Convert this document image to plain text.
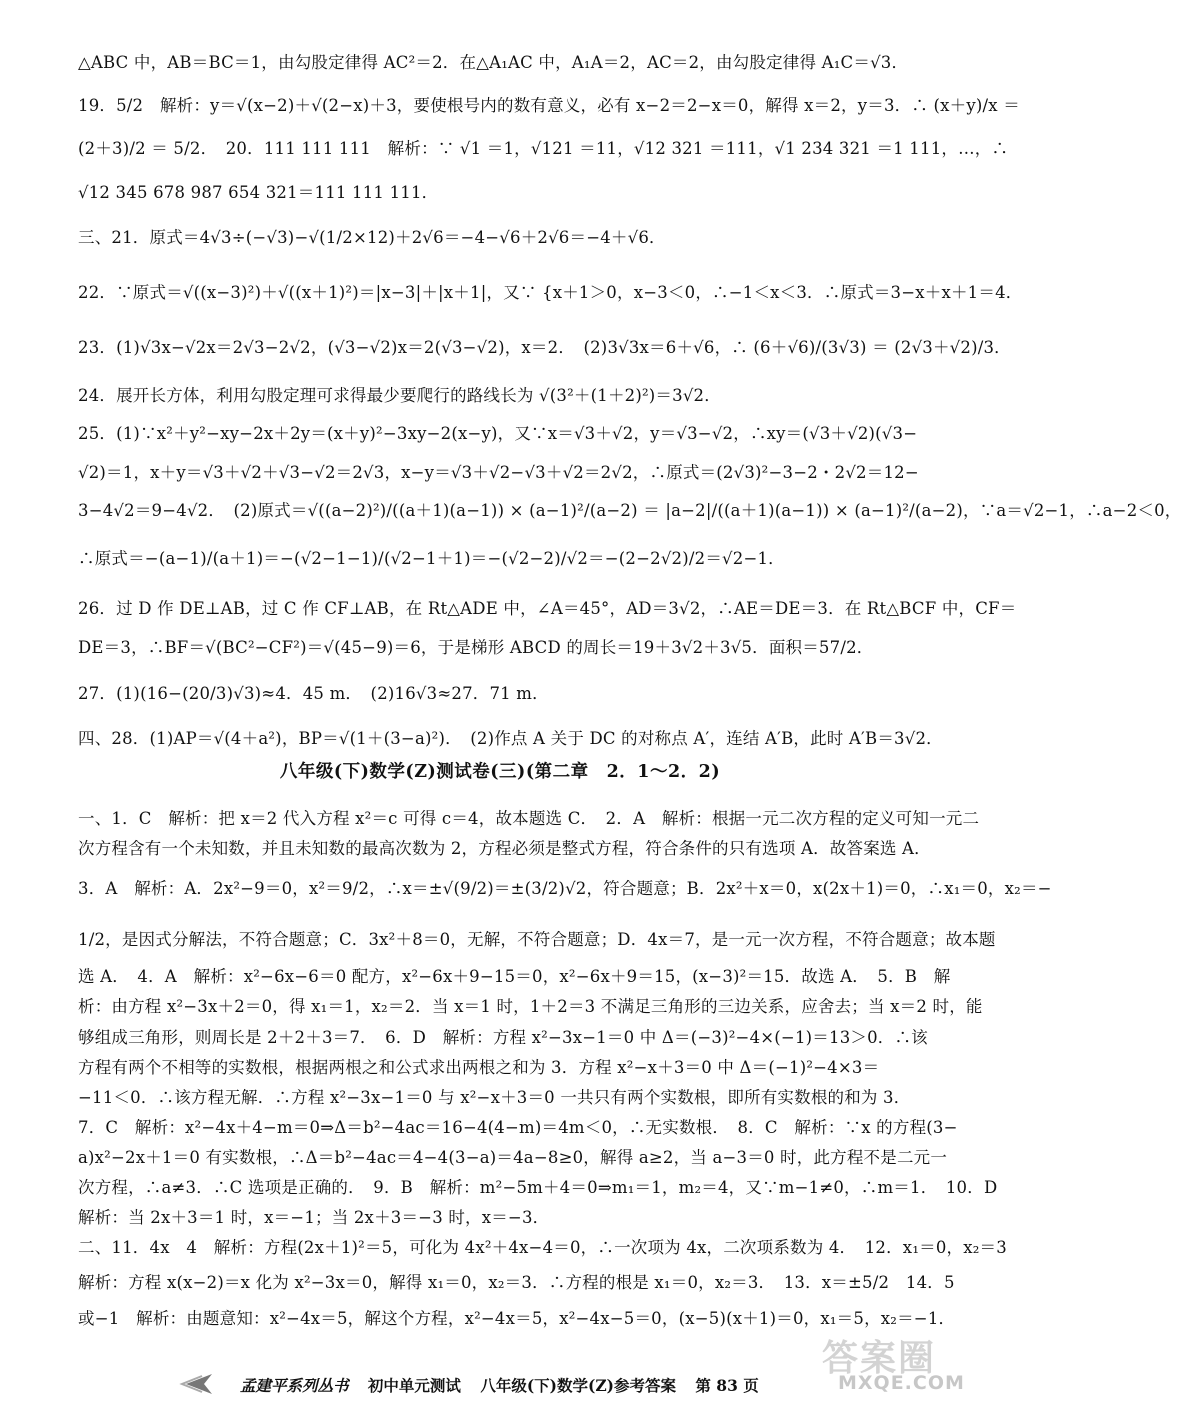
△ABC 中，AB＝BC＝1，由勾股定律得 AC²＝2．在△A₁AC 中，A₁A＝2，AC＝2，由勾股定律得 A₁C＝√3．
19．5/2　解析：y＝√(x−2)＋√(2−x)＋3，要使根号内的数有意义，必有 x−2＝2−x＝0，解得 x＝2，y＝3．∴ (x＋y)/x ＝
(2＋3)/2 ＝ 5/2．　20．111 111 111　解析：∵ √1 ＝1，√121 ＝11，√12 321 ＝111，√1 234 321 ＝1 111，…，∴
√12 345 678 987 654 321＝111 111 111．
三、21．原式＝4√3÷(−√3)−√(1/2×12)＋2√6＝−4−√6＋2√6＝−4＋√6．
22．∵原式＝√((x−3)²)＋√((x＋1)²)＝|x−3|＋|x＋1|，又∵ {x＋1＞0，x−3＜0，∴−1＜x＜3．∴原式＝3−x＋x＋1＝4．
23．(1)√3x−√2x＝2√3−2√2，(√3−√2)x＝2(√3−√2)，x＝2．　(2)3√3x＝6＋√6，∴ (6＋√6)/(3√3) ＝ (2√3＋√2)/3．
24．展开长方体，利用勾股定理可求得最少要爬行的路线长为 √(3²＋(1＋2)²)＝3√2．
25．(1)∵x²＋y²−xy−2x＋2y＝(x＋y)²−3xy−2(x−y)，又∵x＝√3＋√2，y＝√3−√2，∴xy＝(√3＋√2)(√3−
√2)＝1，x＋y＝√3＋√2＋√3−√2＝2√3，x−y＝√3＋√2−√3＋√2＝2√2，∴原式＝(2√3)²−3−2・2√2＝12−
3−4√2＝9−4√2．　(2)原式＝√((a−2)²)/((a＋1)(a−1)) × (a−1)²/(a−2) ＝ |a−2|/((a＋1)(a−1)) × (a−1)²/(a−2)，∵a＝√2−1，∴a−2＜0，
∴原式＝−(a−1)/(a＋1)＝−(√2−1−1)/(√2−1＋1)＝−(√2−2)/√2＝−(2−2√2)/2＝√2−1．
26．过 D 作 DE⊥AB，过 C 作 CF⊥AB，在 Rt△ADE 中，∠A＝45°，AD＝3√2，∴AE＝DE＝3．在 Rt△BCF 中，CF＝
DE＝3，∴BF＝√(BC²−CF²)＝√(45−9)＝6，于是梯形 ABCD 的周长＝19＋3√2＋3√5．面积＝57/2．
27．(1)(16−(20/3)√3)≈4．45 m．　(2)16√3≈27．71 m．
四、28．(1)AP＝√(4＋a²)，BP＝√(1＋(3−a)²)．　(2)作点 A 关于 DC 的对称点 A′，连结 A′B，此时 A′B＝3√2．
八年级(下)数学(Z)测试卷(三)(第二章　2．1～2．2)
一、1．C　解析：把 x＝2 代入方程 x²＝c 可得 c＝4，故本题选 C．　2．A　解析：根据一元二次方程的定义可知一元二
次方程含有一个未知数，并且未知数的最高次数为 2，方程必须是整式方程，符合条件的只有选项 A．故答案选 A．
3．A　解析：A．2x²−9＝0，x²＝9/2，∴x＝±√(9/2)＝±(3/2)√2，符合题意；B．2x²＋x＝0，x(2x＋1)＝0，∴x₁＝0，x₂＝−
1/2，是因式分解法，不符合题意；C．3x²＋8＝0，无解，不符合题意；D．4x＝7，是一元一次方程，不符合题意；故本题
选 A．　4．A　解析：x²−6x−6＝0 配方，x²−6x＋9−15＝0，x²−6x＋9＝15，(x−3)²＝15．故选 A．　5．B　解
析：由方程 x²−3x＋2＝0，得 x₁＝1，x₂＝2．当 x＝1 时，1＋2＝3 不满足三角形的三边关系，应舍去；当 x＝2 时，能
够组成三角形，则周长是 2＋2＋3＝7．　6．D　解析：方程 x²−3x−1＝0 中 Δ＝(−3)²−4×(−1)＝13＞0．∴该
方程有两个不相等的实数根，根据两根之和公式求出两根之和为 3．方程 x²−x＋3＝0 中 Δ＝(−1)²−4×3＝
−11＜0．∴该方程无解．∴方程 x²−3x−1＝0 与 x²−x＋3＝0 一共只有两个实数根，即所有实数根的和为 3．
7．C　解析：x²−4x＋4−m＝0⇒Δ＝b²−4ac＝16−4(4−m)＝4m＜0，∴无实数根．　8．C　解析：∵x 的方程(3−
a)x²−2x＋1＝0 有实数根，∴Δ＝b²−4ac＝4−4(3−a)＝4a−8≥0，解得 a≥2，当 a−3＝0 时，此方程不是二元一
次方程，∴a≠3．∴C 选项是正确的．　9．B　解析：m²−5m＋4＝0⇒m₁＝1，m₂＝4，又∵m−1≠0，∴m＝1．　10．D
解析：当 2x＋3＝1 时，x＝−1；当 2x＋3＝−3 时，x＝−3．
二、11．4x　4　解析：方程(2x＋1)²＝5，可化为 4x²＋4x−4＝0，∴一次项为 4x，二次项系数为 4．　12．x₁＝0，x₂＝3
解析：方程 x(x−2)＝x 化为 x²−3x＝0，解得 x₁＝0，x₂＝3．∴方程的根是 x₁＝0，x₂＝3．　13．x＝±5/2　14．5
或−1　解析：由题意知：x²−4x＝5，解这个方程，x²−4x＝5，x²−4x−5＝0，(x−5)(x＋1)＝0，x₁＝5，x₂＝−1．
孟建平系列丛书 初中单元测试 八年级(下)数学(Z)参考答案 第 83 页
答案圈
MXQE.COM
